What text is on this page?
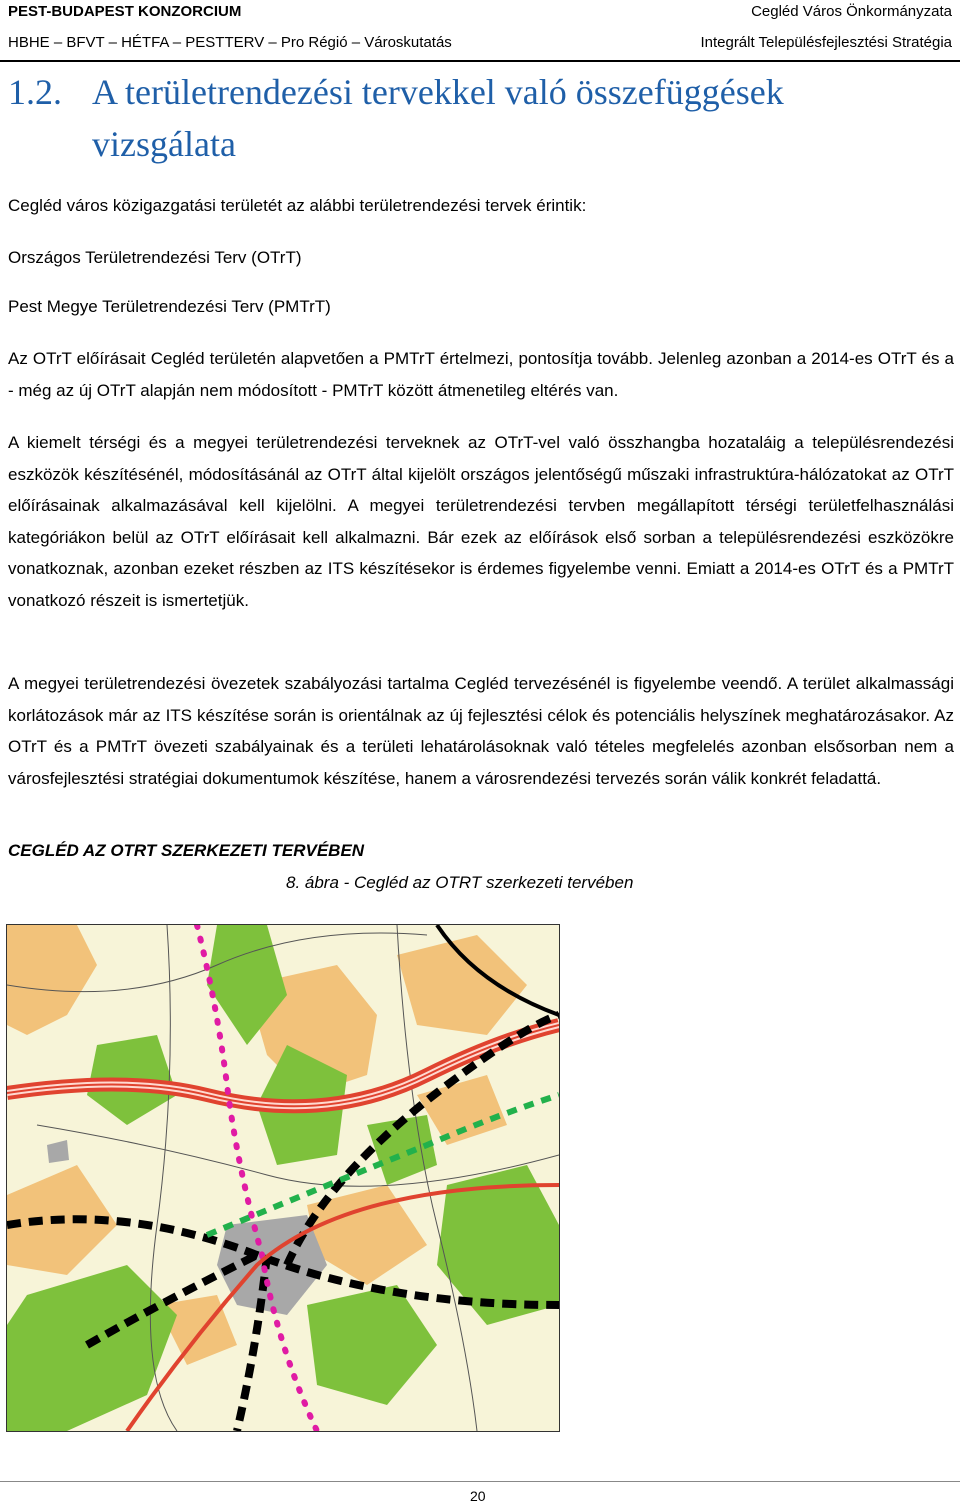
PEST-BUDAPEST KONZORCIUM	Cegléd Város Önkormányzata
HBHE – BFVT – HÉTFA – PESTTERV – Pro Régió – Városkutatás	Integrált Településfejlesztési Stratégia
1.2. A területrendezési tervekkel való összefüggések
vizsgálata

Cegléd város közigazgatási területét az alábbi területrendezési tervek érintik:

Országos Területrendezési Terv (OTrT)

Pest Megye Területrendezési Terv (PMTrT)

Az OTrT előírásait Cegléd területén alapvetően a PMTrT értelmezi, pontosítja tovább. Jelenleg azonban a 2014-es OTrT és a - még az új OTrT alapján nem módosított - PMTrT között átmenetileg eltérés van.

A kiemelt térségi és a megyei területrendezési terveknek az OTrT-vel való összhangba hozataláig a településrendezési eszközök készítésénél, módosításánál az OTrT által kijelölt országos jelentőségű műszaki infrastruktúra-hálózatokat az OTrT előírásainak alkalmazásával kell kijelölni. A megyei területrendezési tervben megállapított térségi területfelhasználási kategóriákon belül az OTrT előírásait kell alkalmazni. Bár ezek az előírások első sorban a településrendezési eszközökre vonatkoznak, azonban ezeket részben az ITS készítésekor is érdemes figyelembe venni. Emiatt a 2014-es OTrT és a PMTrT vonatkozó részeit is ismertetjük.

A megyei területrendezési övezetek szabályozási tartalma Cegléd tervezésénél is figyelembe veendő. A terület alkalmassági korlátozások már az ITS készítése során is orientálnak az új fejlesztési célok és potenciális helyszínek meghatározásakor. Az OTrT és a PMTrT övezeti szabályainak és a területi lehatárolásoknak való tételes megfelelés azonban elsősorban nem a városfejlesztési stratégiai dokumentumok készítése, hanem a városrendezési tervezés során válik konkrét feladattá.

CEGLÉD AZ OTRT SZERKEZETI TERVÉBEN
8. ábra - Cegléd az OTRT szerkezeti tervében
20
